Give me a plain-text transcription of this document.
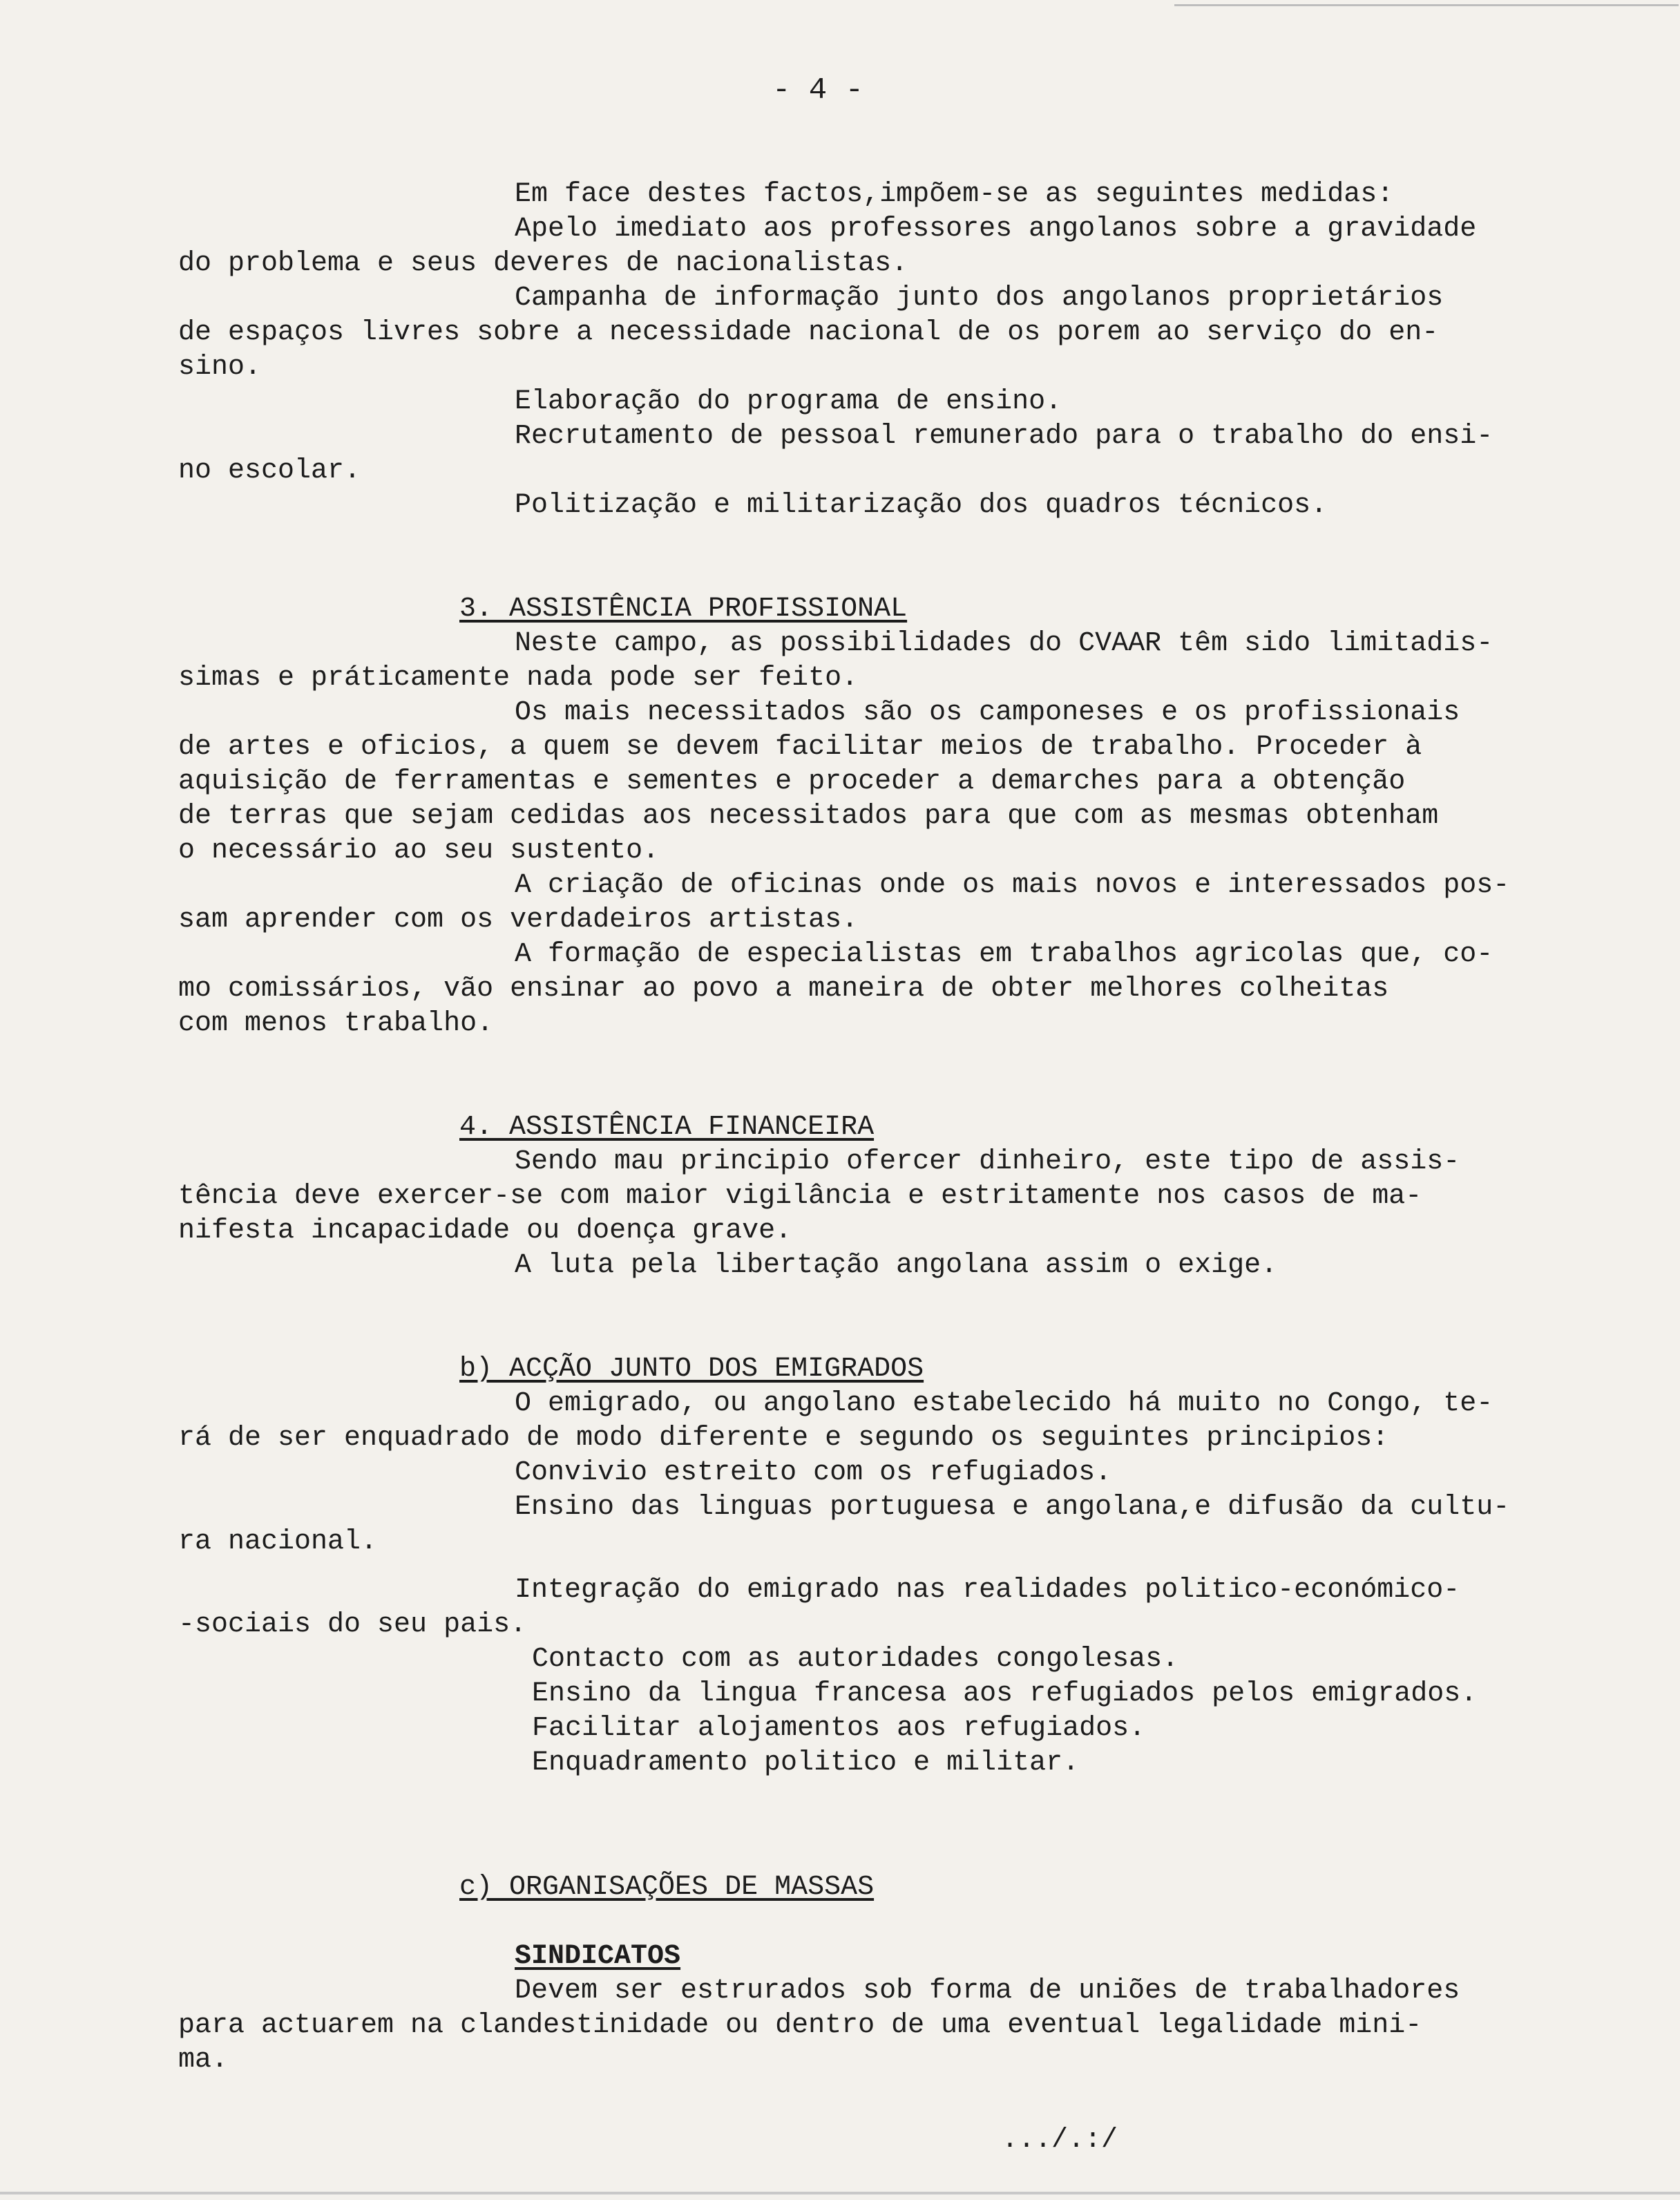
- 4 -
Em face destes factos,impõem-se as seguintes medidas:
Apelo imediato aos professores angolanos sobre a gravidade
do problema e seus deveres de nacionalistas.
Campanha de informação junto dos angolanos proprietários
de espaços livres sobre a necessidade nacional de os porem ao serviço do en-
sino.
Elaboração do programa de ensino.
Recrutamento de pessoal remunerado para o trabalho do ensi-
no escolar.
Politização e militarização dos quadros técnicos.
3. ASSISTÊNCIA PROFISSIONAL
Neste campo, as possibilidades do CVAAR têm sido limitadis-
simas e práticamente nada pode ser feito.
Os mais necessitados são os camponeses e os profissionais
de artes e oficios, a quem se devem facilitar meios de trabalho. Proceder à
aquisição de ferramentas e sementes e proceder a demarches para a obtenção
de terras que sejam cedidas aos necessitados para que com as mesmas obtenham
o necessário ao seu sustento.
A criação de oficinas onde os mais novos e interessados pos-
sam aprender com os verdadeiros artistas.
A formação de especialistas em trabalhos agricolas que, co-
mo comissários, vão ensinar ao povo a maneira de obter melhores colheitas
com menos trabalho.
4. ASSISTÊNCIA FINANCEIRA
Sendo mau principio ofercer dinheiro, este tipo de assis-
tência deve exercer-se com maior vigilância e estritamente nos casos de ma-
nifesta incapacidade ou doença grave.
A luta pela libertação angolana assim o exige.
b) ACÇÃO JUNTO DOS EMIGRADOS
O emigrado, ou angolano estabelecido há muito no Congo, te-
rá de ser enquadrado de modo diferente e segundo os seguintes principios:
Convivio estreito com os refugiados.
Ensino das linguas portuguesa e angolana,e difusão da cultu-
ra nacional.
Integração do emigrado nas realidades politico-económico-
-sociais do seu pais.
Contacto com as autoridades congolesas.
Ensino da lingua francesa aos refugiados pelos emigrados.
Facilitar alojamentos aos refugiados.
Enquadramento politico e militar.
c) ORGANISAÇÕES DE MASSAS
SINDICATOS
Devem ser estrurados sob forma de uniões de trabalhadores
para actuarem na clandestinidade ou dentro de uma eventual legalidade mini-
ma.
.../.:/
